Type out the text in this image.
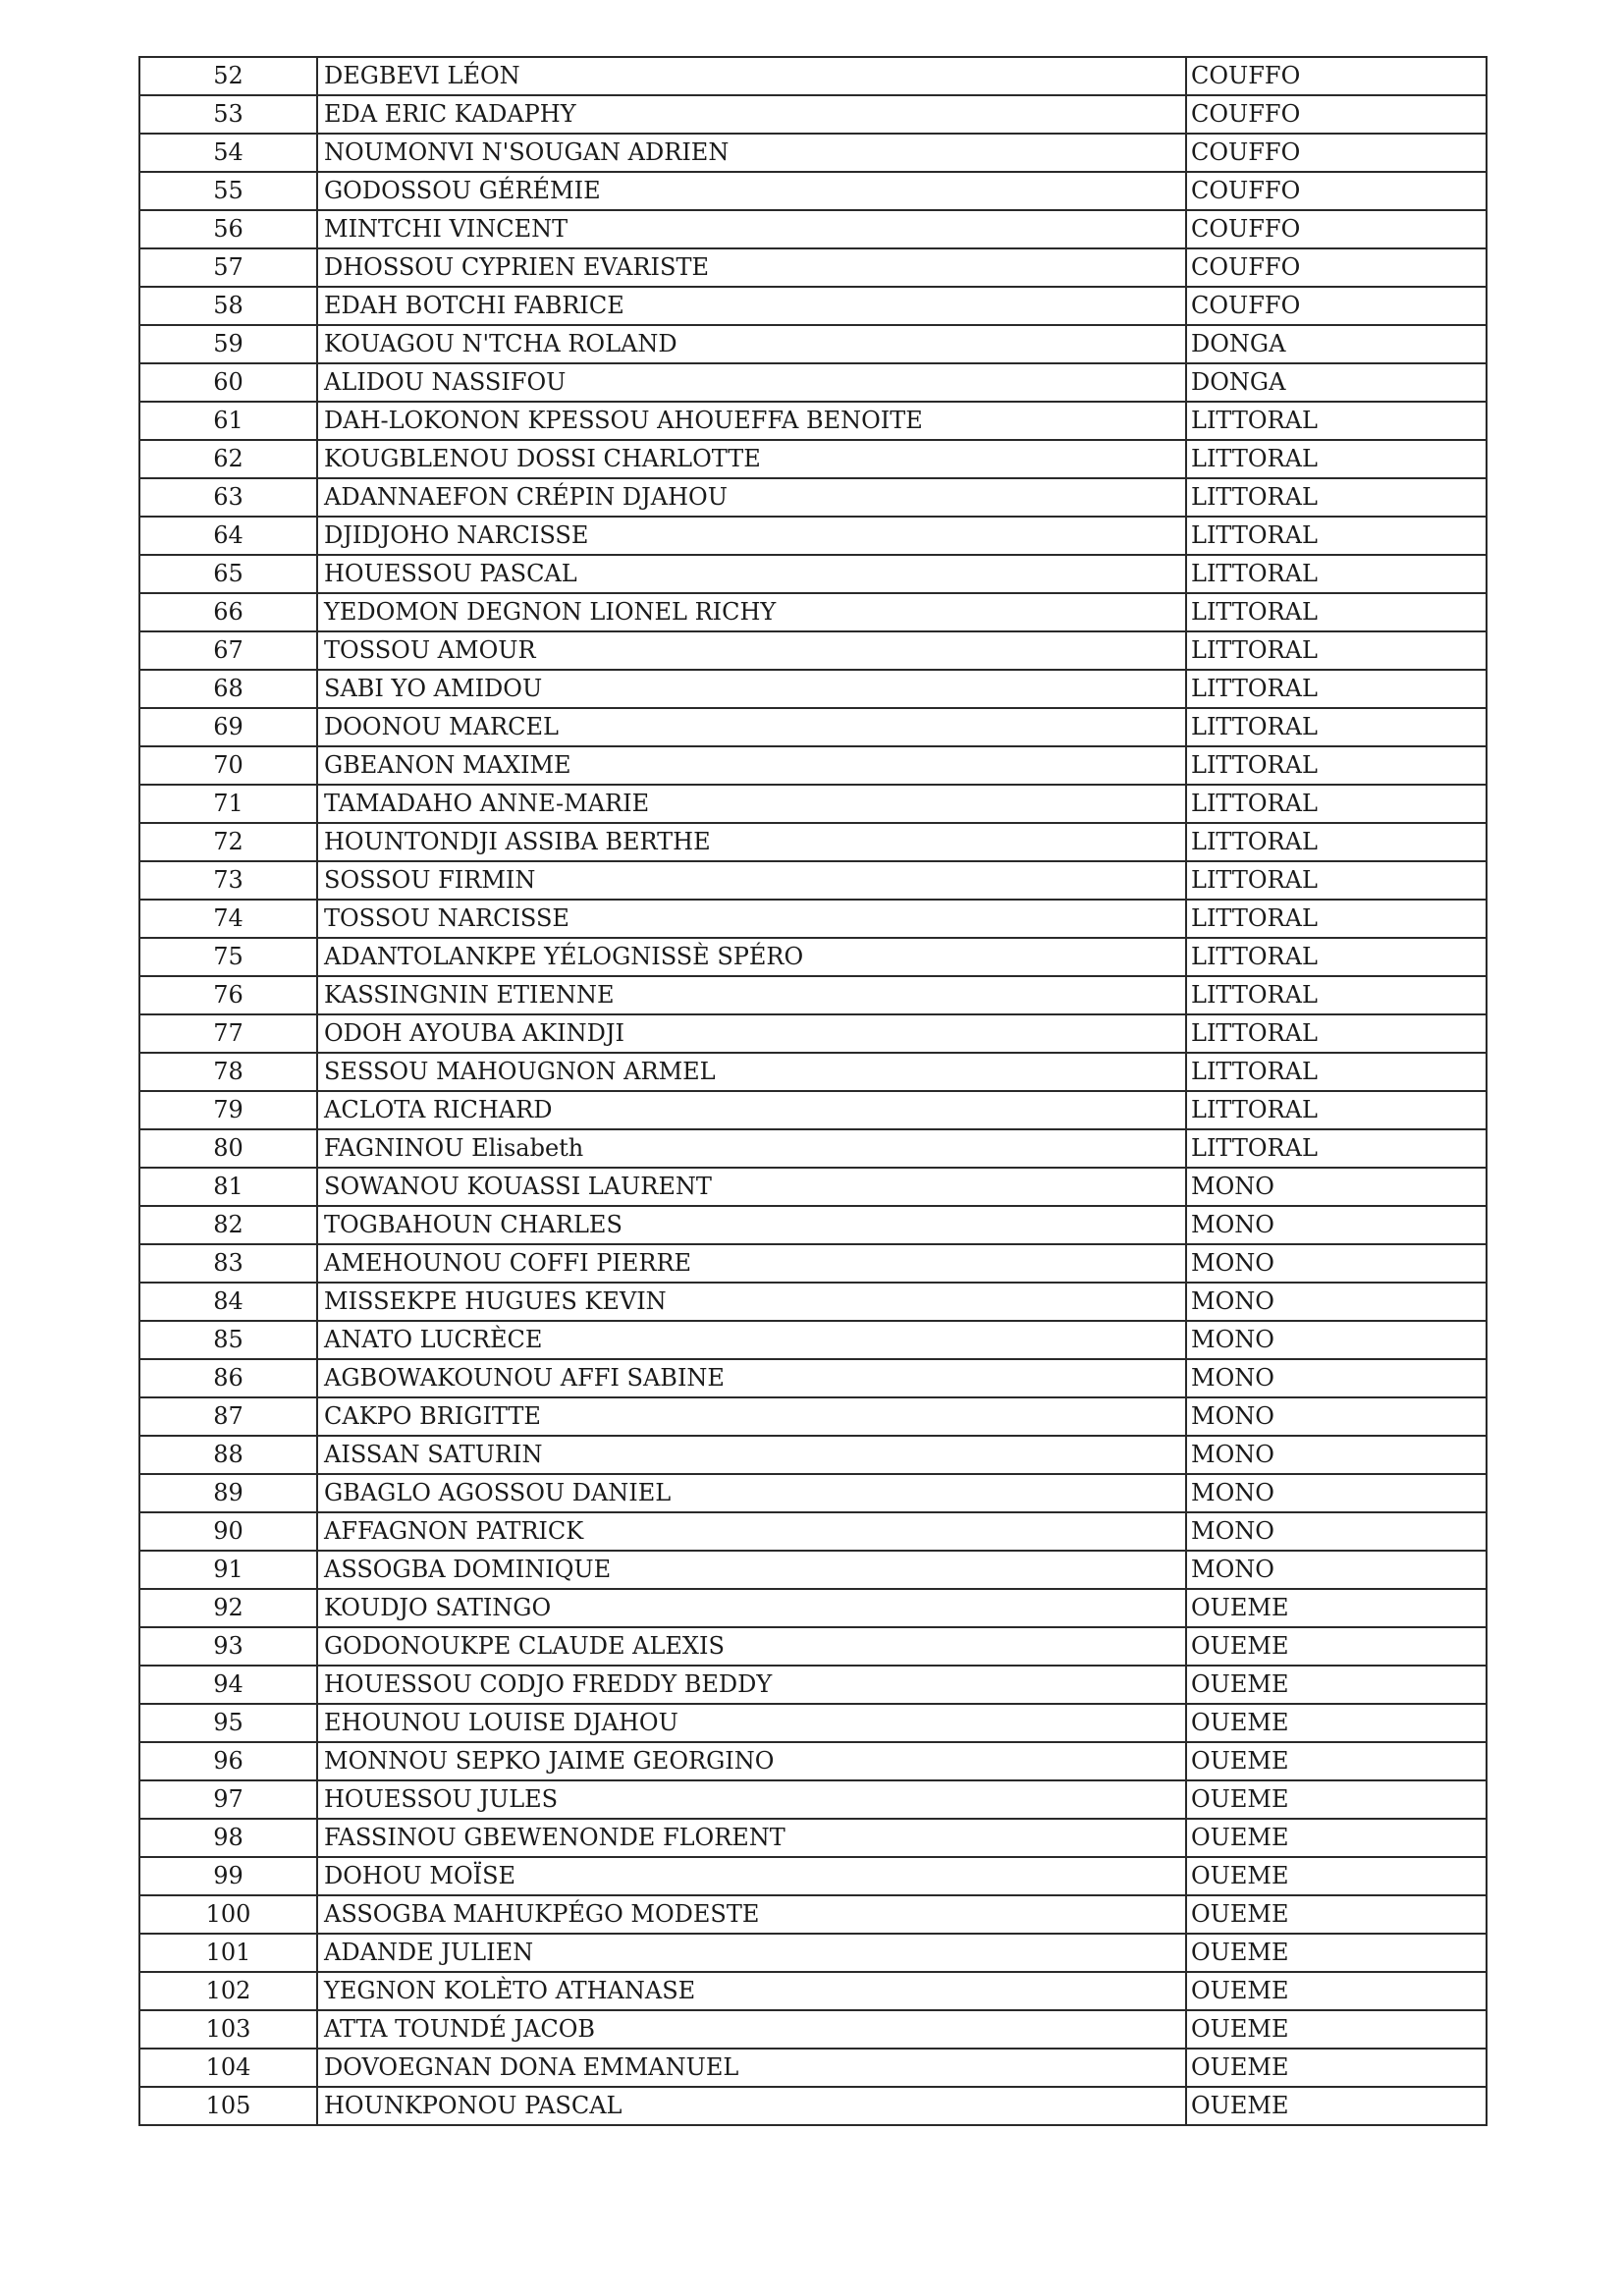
52	DEGBEVI LÉON	COUFFO
53	EDA ERIC KADAPHY	COUFFO
54	NOUMONVI N'SOUGAN ADRIEN	COUFFO
55	GODOSSOU GÉRÉMIE	COUFFO
56	MINTCHI VINCENT	COUFFO
57	DHOSSOU CYPRIEN EVARISTE	COUFFO
58	EDAH BOTCHI FABRICE	COUFFO
59	KOUAGOU N'TCHA ROLAND	DONGA
60	ALIDOU NASSIFOU	DONGA
61	DAH-LOKONON KPESSOU AHOUEFFA BENOITE	LITTORAL
62	KOUGBLENOU DOSSI CHARLOTTE	LITTORAL
63	ADANNAEFON CRÉPIN DJAHOU	LITTORAL
64	DJIDJOHO NARCISSE	LITTORAL
65	HOUESSOU PASCAL	LITTORAL
66	YEDOMON DEGNON LIONEL RICHY	LITTORAL
67	TOSSOU AMOUR	LITTORAL
68	SABI YO AMIDOU	LITTORAL
69	DOONOU MARCEL	LITTORAL
70	GBEANON MAXIME	LITTORAL
71	TAMADAHO ANNE-MARIE	LITTORAL
72	HOUNTONDJI ASSIBA BERTHE	LITTORAL
73	SOSSOU FIRMIN	LITTORAL
74	TOSSOU NARCISSE	LITTORAL
75	ADANTOLANKPE YÉLOGNISSÈ SPÉRO	LITTORAL
76	KASSINGNIN ETIENNE	LITTORAL
77	ODOH AYOUBA AKINDJI	LITTORAL
78	SESSOU MAHOUGNON ARMEL	LITTORAL
79	ACLOTA RICHARD	LITTORAL
80	FAGNINOU Elisabeth	LITTORAL
81	SOWANOU KOUASSI LAURENT	MONO
82	TOGBAHOUN CHARLES	MONO
83	AMEHOUNOU COFFI PIERRE	MONO
84	MISSEKPE HUGUES KEVIN	MONO
85	ANATO LUCRÈCE	MONO
86	AGBOWAKOUNOU AFFI SABINE	MONO
87	CAKPO BRIGITTE	MONO
88	AISSAN SATURIN	MONO
89	GBAGLO AGOSSOU DANIEL	MONO
90	AFFAGNON PATRICK	MONO
91	ASSOGBA DOMINIQUE	MONO
92	KOUDJO SATINGO	OUEME
93	GODONOUKPE CLAUDE ALEXIS	OUEME
94	HOUESSOU CODJO FREDDY BEDDY	OUEME
95	EHOUNOU LOUISE DJAHOU	OUEME
96	MONNOU SEPKO JAIME GEORGINO	OUEME
97	HOUESSOU JULES	OUEME
98	FASSINOU GBEWENONDE FLORENT	OUEME
99	DOHOU MOÏSE	OUEME
100	ASSOGBA MAHUKPÉGO MODESTE	OUEME
101	ADANDE JULIEN	OUEME
102	YEGNON KOLÈTO ATHANASE	OUEME
103	ATTA TOUNDÉ JACOB	OUEME
104	DOVOEGNAN DONA EMMANUEL	OUEME
105	HOUNKPONOU PASCAL	OUEME
